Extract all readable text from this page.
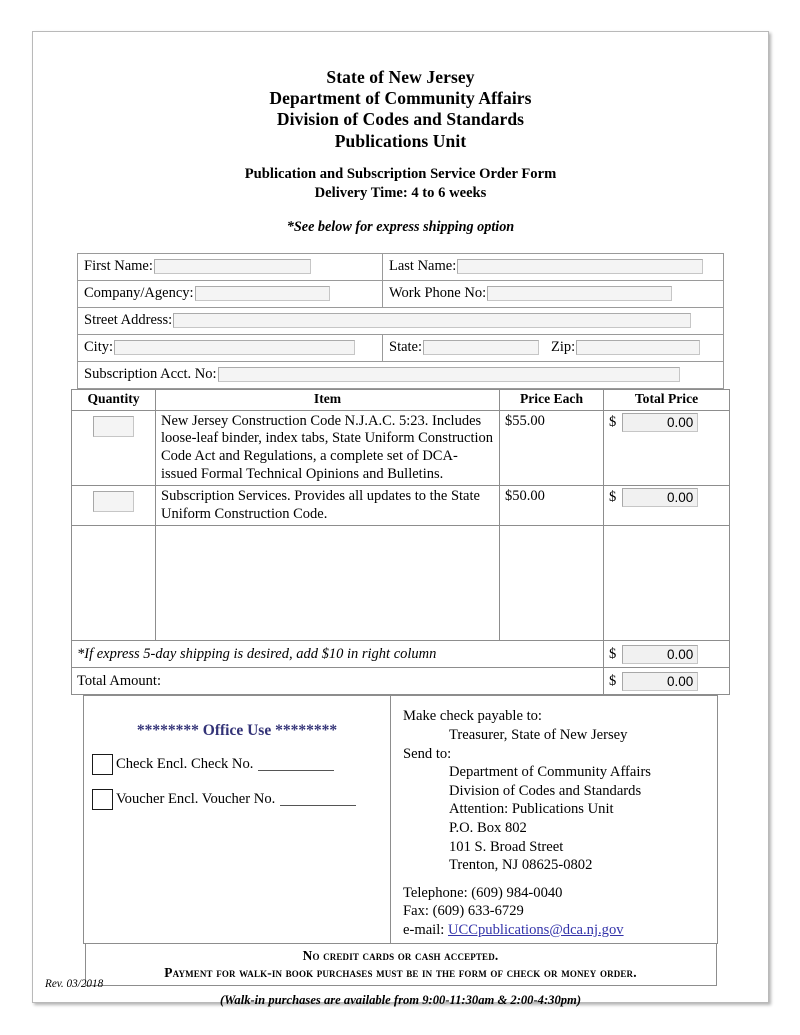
State of New Jersey
Department of Community Affairs
Division of Codes and Standards
Publications Unit
Publication and Subscription Service Order Form
Delivery Time: 4 to 6 weeks
*See below for express shipping option
First Name:	Last Name:
Company/Agency:	Work Phone No:
Street Address:	
City:	State: Zip:
Subscription Acct. No:	
Quantity	Item	Price Each	Total Price

	New Jersey Construction Code N.J.A.C. 5:23. Includes loose-leaf binder, index tabs, State Uniform Construction Code Act and Regulations, a complete set of DCA-issued Formal Technical Opinions and Bulletins.	$55.00	$ 0.00

	Subscription Services. Provides all updates to the State Uniform Construction Code.	$50.00	$ 0.00

*If express 5-day shipping is desired, add $10 in right column			$ 0.00
Total Amount:			$ 0.00
******** Office Use ********
Check Encl. Check No.
Voucher Encl. Voucher No.

Make check payable to:
Treasurer, State of New Jersey
Send to:
Department of Community Affairs
Division of Codes and Standards
Attention: Publications Unit
P.O. Box 802
101 S. Broad Street
Trenton, NJ 08625-0802
Telephone: (609) 984-0040
Fax: (609) 633-6729
e-mail: UCCpublications@dca.nj.gov
No credit cards or cash accepted.
Payment for walk-in book purchases must be in the form of check or money order.
(Walk-in purchases are available from 9:00-11:30am & 2:00-4:30pm)
Rev. 03/2018
